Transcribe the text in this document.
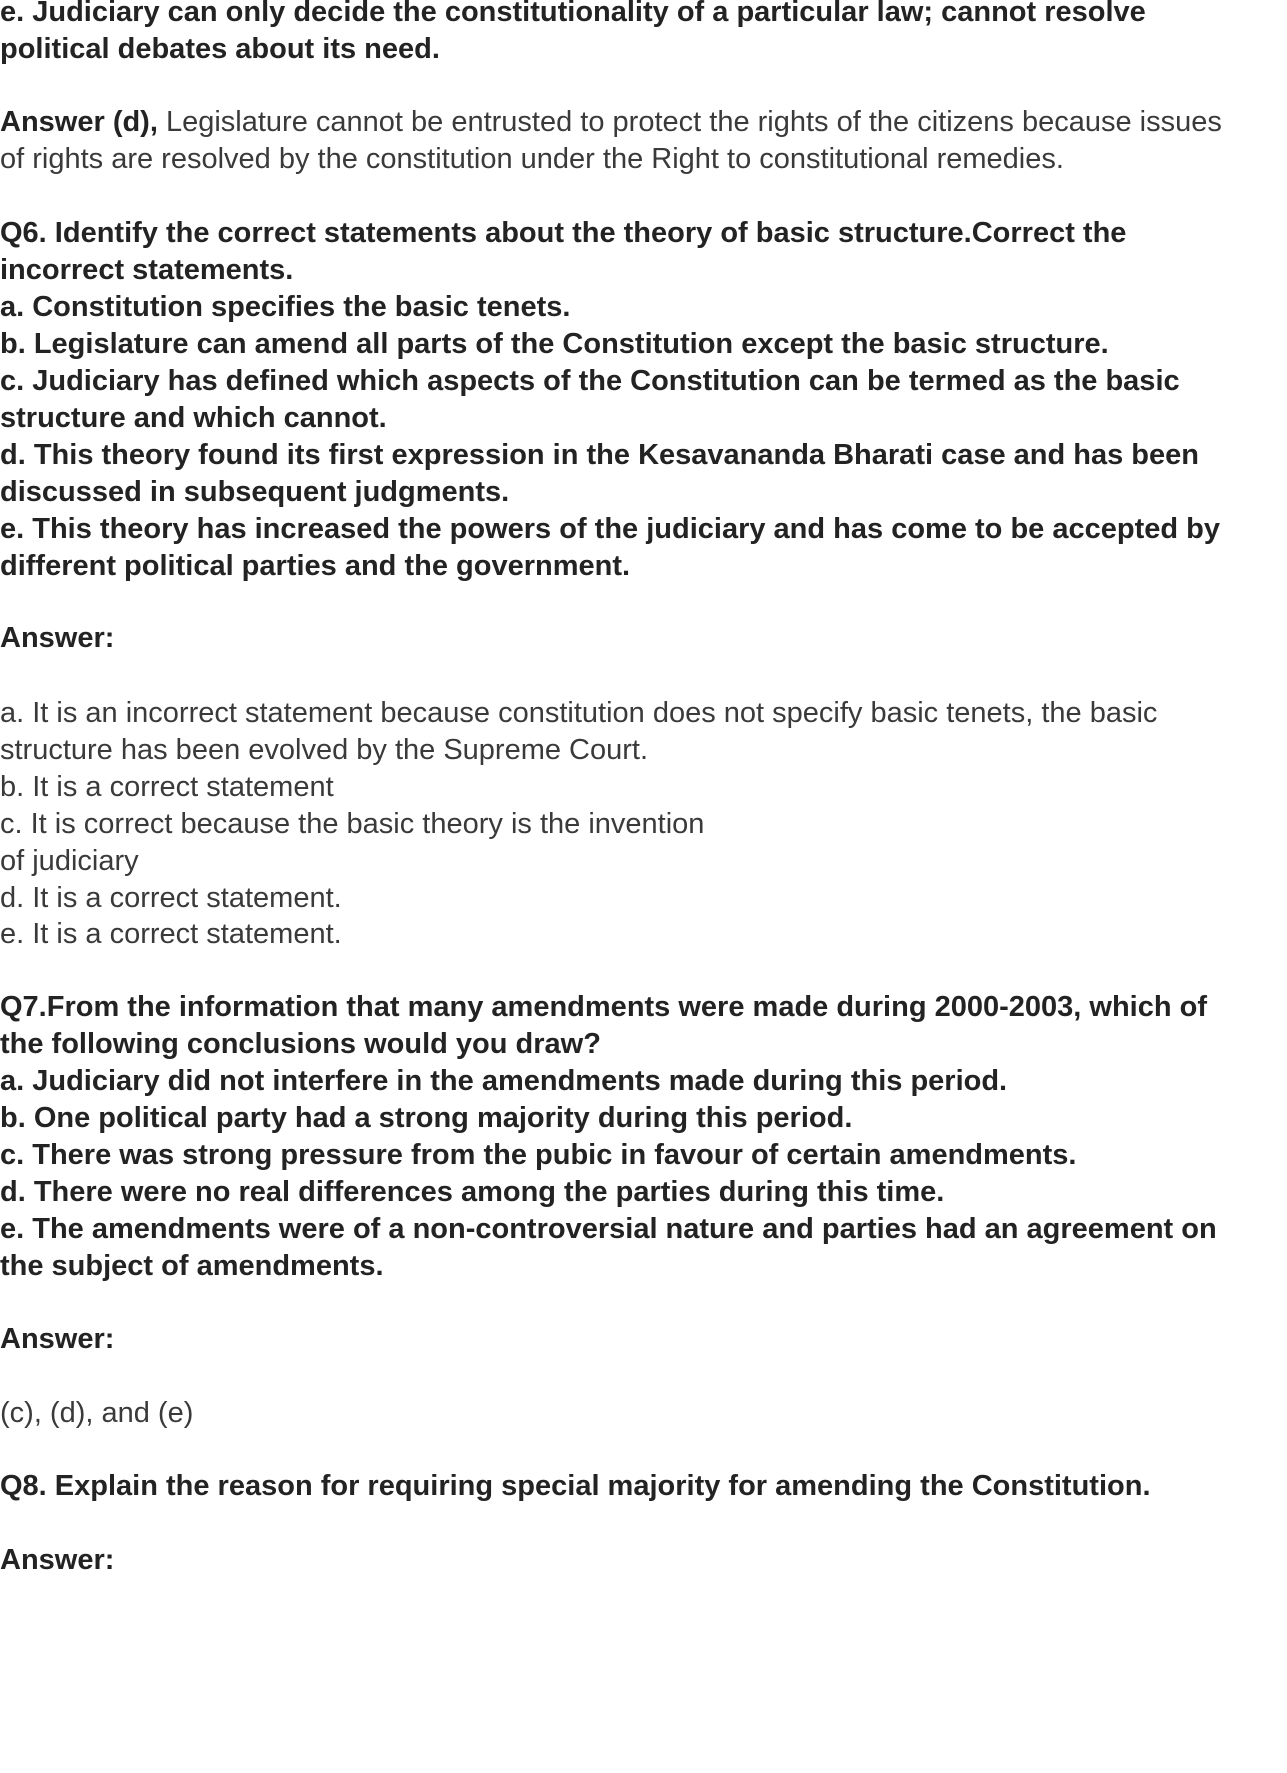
e. Judiciary can only decide the constitutionality of a particular law; cannot resolve

political debates about its need.

Answer (d), Legislature cannot be entrusted to protect the rights of the citizens because issues

of rights are resolved by the constitution under the Right to constitutional remedies.

Q6. Identify the correct statements about the theory of basic structure.Correct the

incorrect statements.

a. Constitution specifies the basic tenets.

b. Legislature can amend all parts of the Constitution except the basic structure.

c. Judiciary has defined which aspects of the Constitution can be termed as the basic

structure and which cannot.

d. This theory found its first expression in the Kesavananda Bharati case and has been

discussed in subsequent judgments.

e. This theory has increased the powers of the judiciary and has come to be accepted by

different political parties and the government.

Answer:

a. It is an incorrect statement because constitution does not specify basic tenets, the basic

structure has been evolved by the Supreme Court.

b. It is a correct statement

c. It is correct because the basic theory is the invention

of judiciary

d. It is a correct statement.

e. It is a correct statement.

Q7.From the information that many amendments were made during 2000-2003, which of

the following conclusions would you draw?

a. Judiciary did not interfere in the amendments made during this period.

b. One political party had a strong majority during this period.

c. There was strong pressure from the pubic in favour of certain amendments.

d. There were no real differences among the parties during this time.

e. The amendments were of a non-controversial nature and parties had an agreement on

the subject of amendments.

Answer:

(c), (d), and (e)

Q8. Explain the reason for requiring special majority for amending the Constitution.

Answer:
